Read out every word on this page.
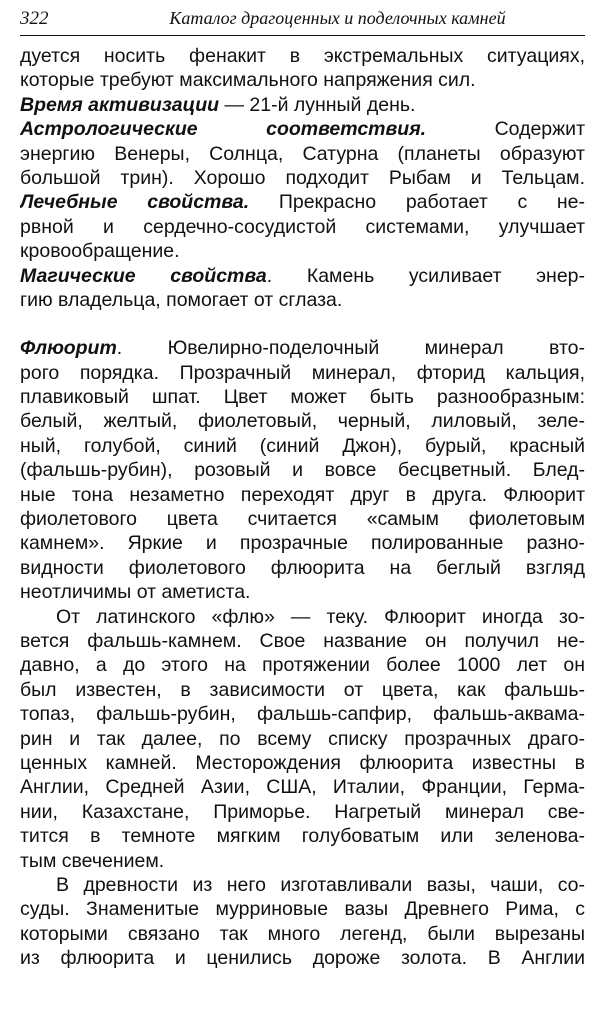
322	Каталог драгоценных и поделочных камней
дуется носить фенакит в экстремальных ситуациях,
которые требуют максимального напряжения сил.
Время активизации — 21-й лунный день.
Астрологические соответствия. Содержит
энергию Венеры, Солнца, Сатурна (планеты образуют
большой трин). Хорошо подходит Рыбам и Тельцам.
Лечебные свойства. Прекрасно работает с не-
рвной и сердечно-сосудистой системами, улучшает
кровообращение.
Магические свойства. Камень усиливает энер-
гию владельца, помогает от сглаза.
Флюорит. Ювелирно-поделочный минерал вто-
рого порядка. Прозрачный минерал, фторид кальция,
плавиковый шпат. Цвет может быть разнообразным:
белый, желтый, фиолетовый, черный, лиловый, зеле-
ный, голубой, синий (синий Джон), бурый, красный
(фальшь-рубин), розовый и вовсе бесцветный. Блед-
ные тона незаметно переходят друг в друга. Флюорит
фиолетового цвета считается «самым фиолетовым
камнем». Яркие и прозрачные полированные разно-
видности фиолетового флюорита на беглый взгляд
неотличимы от аметиста.
От латинского «флю» — теку. Флюорит иногда зо-
вется фальшь-камнем. Свое название он получил не-
давно, а до этого на протяжении более 1000 лет он
был известен, в зависимости от цвета, как фальшь-
топаз, фальшь-рубин, фальшь-сапфир, фальшь-аквама-
рин и так далее, по всему списку прозрачных драго-
ценных камней. Месторождения флюорита известны в
Англии, Средней Азии, США, Италии, Франции, Герма-
нии, Казахстане, Приморье. Нагретый минерал све-
тится в темноте мягким голубоватым или зеленова-
тым свечением.
В древности из него изготавливали вазы, чаши, со-
суды. Знаменитые мурриновые вазы Древнего Рима, с
которыми связано так много легенд, были вырезаны
из флюорита и ценились дороже золота. В Англии
